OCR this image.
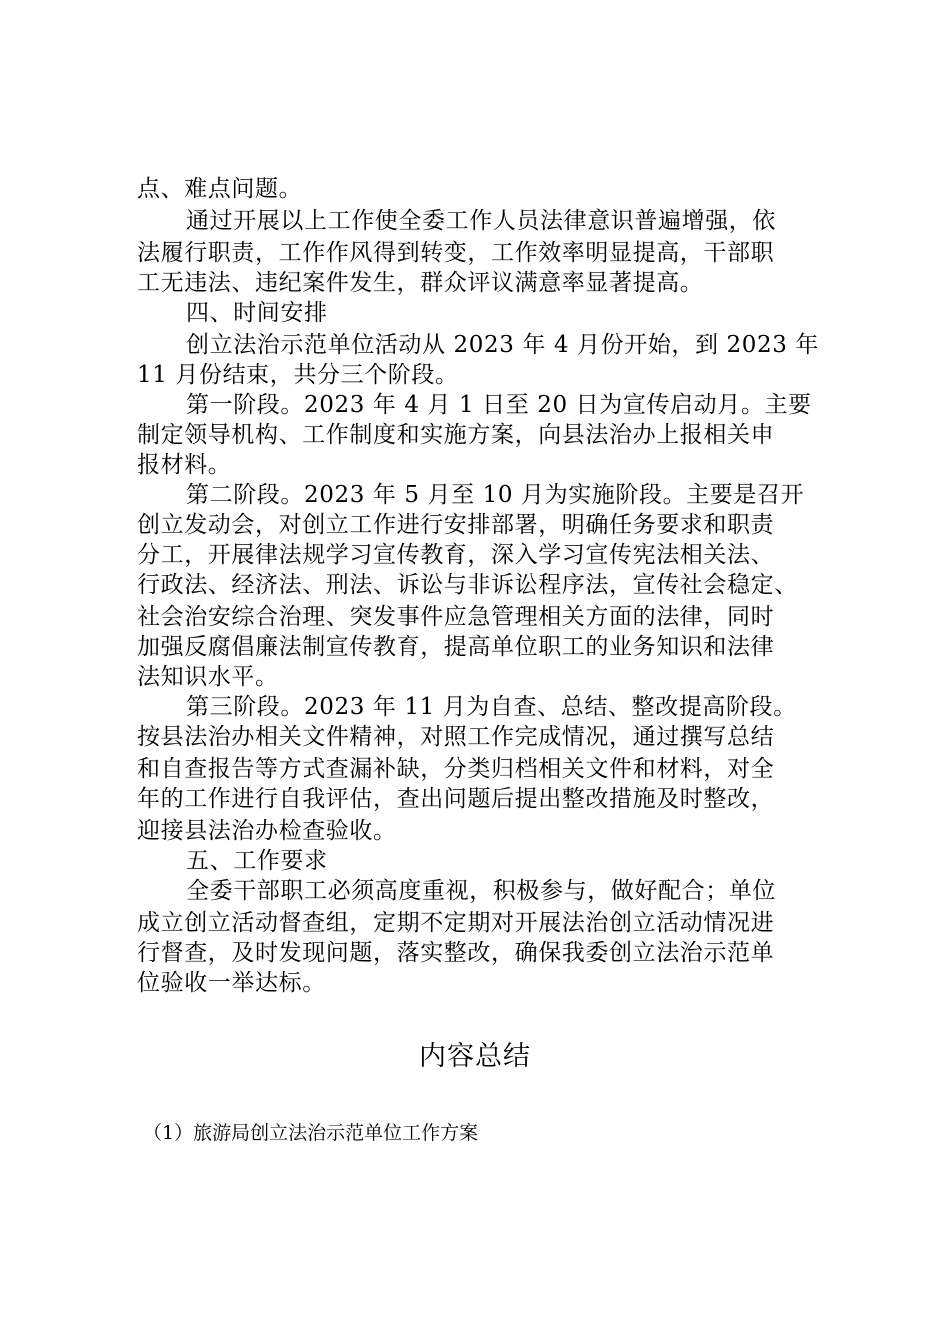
点、难点问题。
通过开展以上工作使全委工作人员法律意识普遍增强，依
法履行职责，工作作风得到转变，工作效率明显提高，干部职
工无违法、违纪案件发生，群众评议满意率显著提高。
四、时间安排
创立法治示范单位活动从 2023 年 4 月份开始，到 2023 年
11 月份结束，共分三个阶段。
第一阶段。2023 年 4 月 1 日至 20 日为宣传启动月。主要
制定领导机构、工作制度和实施方案，向县法治办上报相关申
报材料。
第二阶段。2023 年 5 月至 10 月为实施阶段。主要是召开
创立发动会，对创立工作进行安排部署，明确任务要求和职责
分工，开展律法规学习宣传教育，深入学习宣传宪法相关法、
行政法、经济法、刑法、诉讼与非诉讼程序法，宣传社会稳定、
社会治安综合治理、突发事件应急管理相关方面的法律，同时
加强反腐倡廉法制宣传教育，提高单位职工的业务知识和法律
法知识水平。
第三阶段。2023 年 11 月为自查、总结、整改提高阶段。
按县法治办相关文件精神，对照工作完成情况，通过撰写总结
和自查报告等方式查漏补缺，分类归档相关文件和材料，对全
年的工作进行自我评估，查出问题后提出整改措施及时整改，
迎接县法治办检查验收。
五、工作要求
全委干部职工必须高度重视，积极参与，做好配合；单位
成立创立活动督查组，定期不定期对开展法治创立活动情况进
行督查，及时发现问题，落实整改，确保我委创立法治示范单
位验收一举达标。
内容总结
（1）旅游局创立法治示范单位工作方案
